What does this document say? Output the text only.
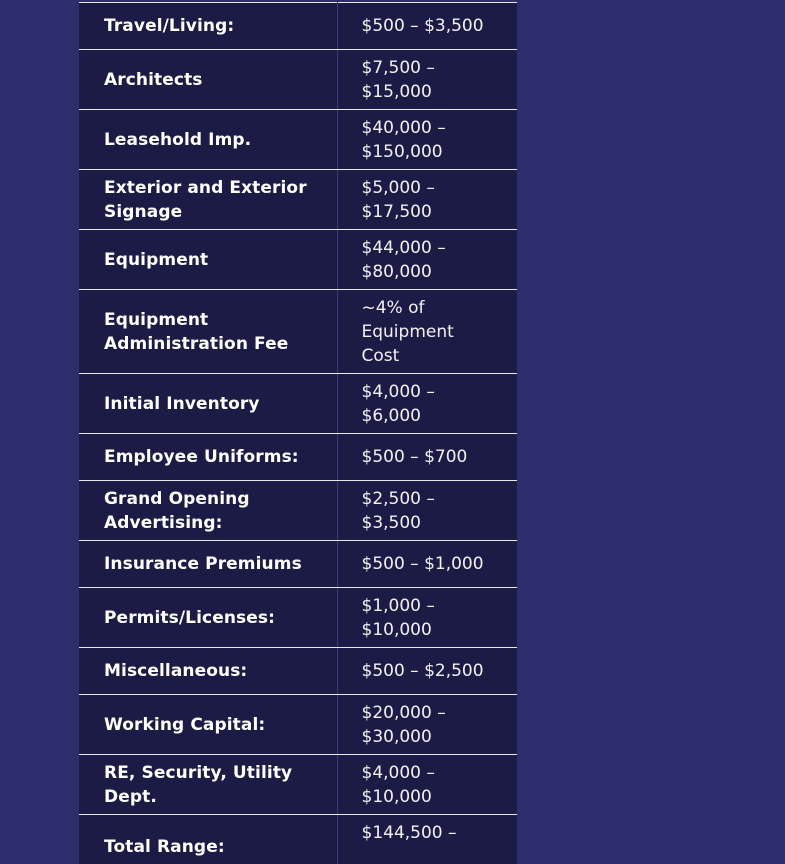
Travel/Living:	$500 – $3,500
Architects	$7,500 – $15,000
Leasehold Imp.	$40,000 – $150,000
Exterior and Exterior Signage	$5,000 – $17,500
Equipment	$44,000 – $80,000
Equipment Administration Fee	~4% of Equipment Cost
Initial Inventory	$4,000 – $6,000
Employee Uniforms:	$500 – $700
Grand Opening Advertising:	$2,500 – $3,500
Insurance Premiums	$500 – $1,000
Permits/Licenses:	$1,000 – $10,000
Miscellaneous:	$500 – $2,500
Working Capital:	$20,000 – $30,000
RE, Security, Utility Dept.	$4,000 – $10,000
Total Range:	$144,500 –
